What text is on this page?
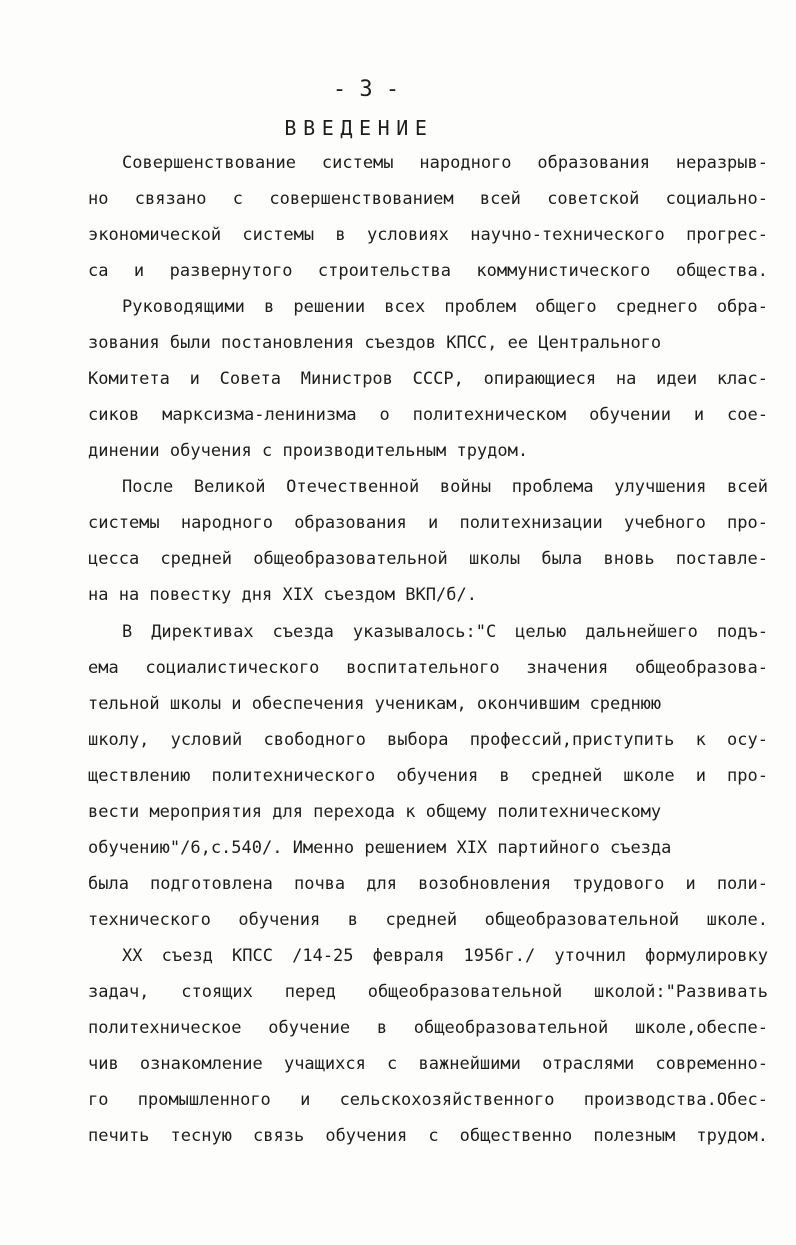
- 3 -
ВВЕДЕНИЕ
Совершенствование системы народного образования неразрыв-
но связано с совершенствованием всей советской социально-
экономической системы в условиях научно-технического прогрес-
са и развернутого строительства коммунистического общества.
Руководящими в решении всех проблем общего среднего обра-
зования были постановления съездов КПСС, ее Центрального
Комитета и Совета Министров СССР, опирающиеся на идеи клас-
сиков марксизма-ленинизма о политехническом обучении и сое-
динении обучения с производительным трудом.
После Великой Отечественной войны проблема улучшения всей
системы народного образования и политехнизации учебного про-
цесса средней общеобразовательной школы была вновь поставле-
на на повестку дня XIX съездом ВКП/б/.
В Директивах съезда указывалось:"С целью дальнейшего подъ-
ема социалистического воспитательного значения общеобразова-
тельной школы и обеспечения ученикам, окончившим среднюю
школу, условий свободного выбора профессий,приступить к осу-
ществлению политехнического обучения в средней школе и про-
вести мероприятия для перехода к общему политехническому
обучению"/6,с.540/. Именно решением XIX партийного съезда
была подготовлена почва для возобновления трудового и поли-
технического обучения в средней общеобразовательной школе.
XX съезд КПСС /14-25 февраля 1956г./ уточнил формулировку
задач, стоящих перед общеобразовательной школой:"Развивать
политехническое обучение в общеобразовательной школе,обеспе-
чив ознакомление учащихся с важнейшими отраслями современно-
го промышленного и сельскохозяйственного производства.Обес-
печить тесную связь обучения с общественно полезным трудом.
